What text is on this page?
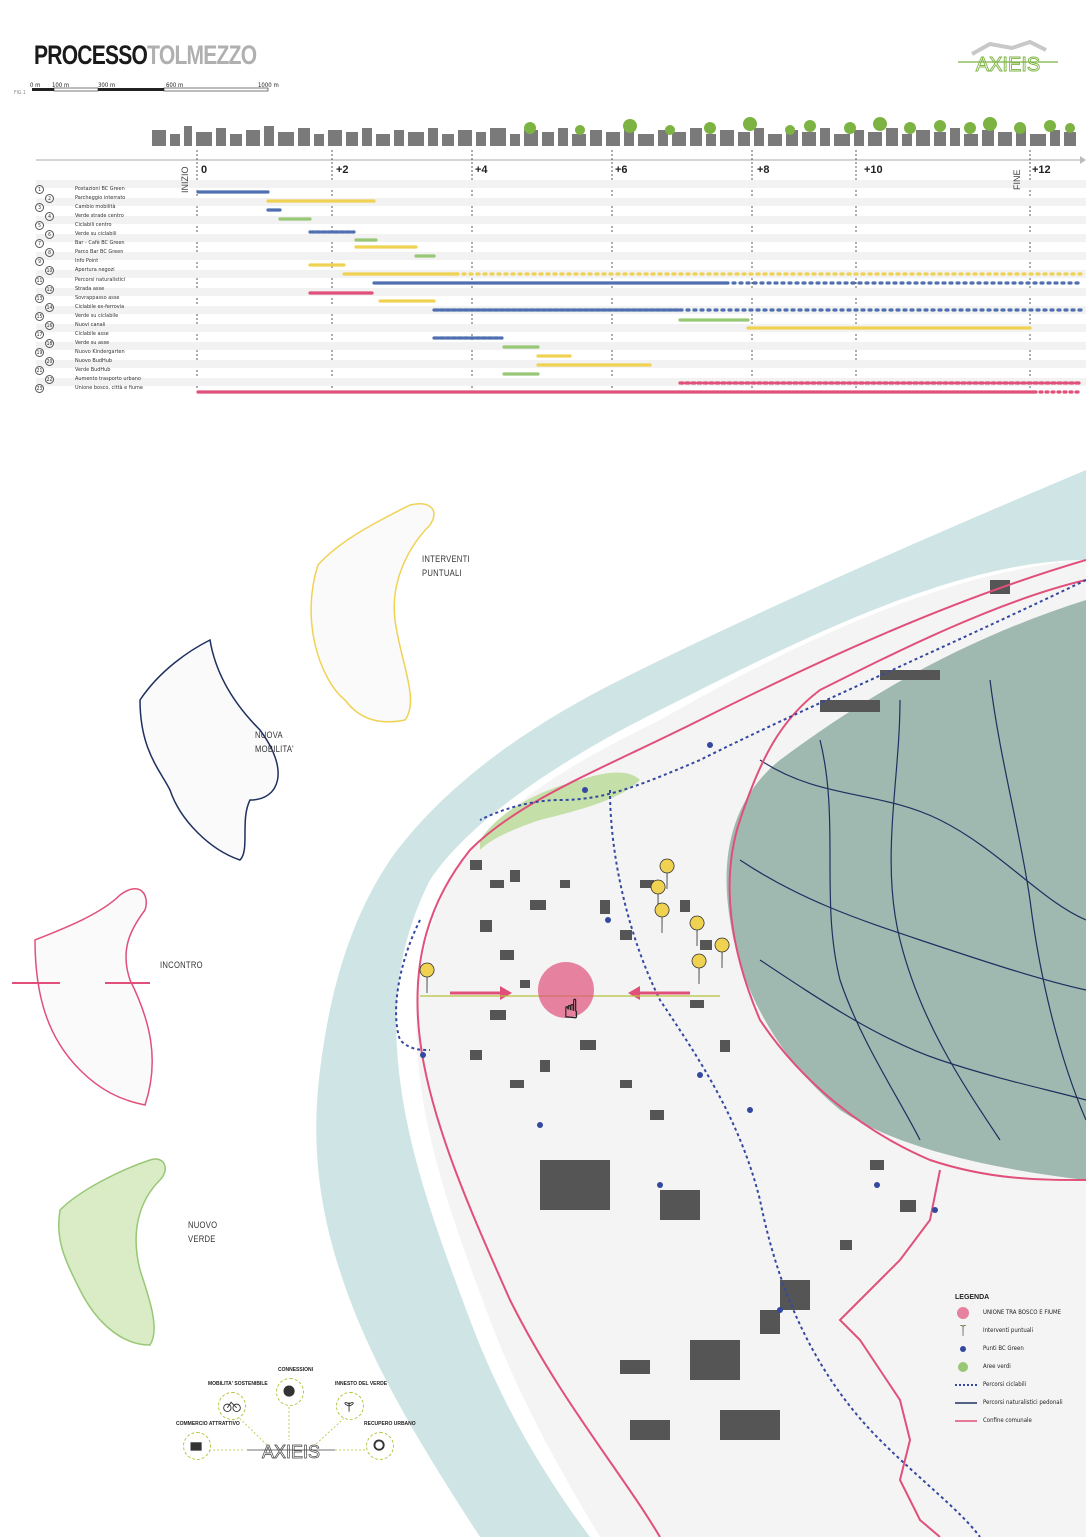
PROCESSOTOLMEZZO	AXIEIS
0 m 100 m	300 m	600 m	1000 m
FIG.1
0	+2	+4	+6	+8	+10	+12
INIZIO	FINE
1	Postazioni BC Green
2	Parcheggio interrato
3	Cambio mobilità
4	Verde strade centro
5	Ciclabili centro
6	Verde su ciclabili
7	Bar - Cafè BC Green
8	Parco Bar BC Green
9	Info Point
10	Apertura negozi
11	Percorsi naturalistici
12	Strada asse
13	Sovrappasso asse
14	Ciclabile ex-ferrovia
15	Verde su ciclabile
16	Nuovi canali
17	Ciclabile asse
18	Verde su asse
19	Nuovo Kindergarten
20	Nuovo BudHub
21	Verde BudHub
22	Aumento trasporto urbano
23	Unione bosco, città e fiume
☝
INTERVENTI
PUNTUALI
NUOVA
MOBILITA'
INCONTRO
NUOVO
VERDE
LEGENDA
UNIONE TRA BOSCO E FIUME
Interventi puntuali
Punti BC Green
Aree verdi
Percorsi ciclabili
Percorsi naturalistici pedonali
Confine comunale
AXIEIS
MOBILITA' SOSTENIBILE
CONNESSIONI
INNESTO DEL VERDE
COMMERCIO ATTRATTIVO	RECUPERO URBANO
